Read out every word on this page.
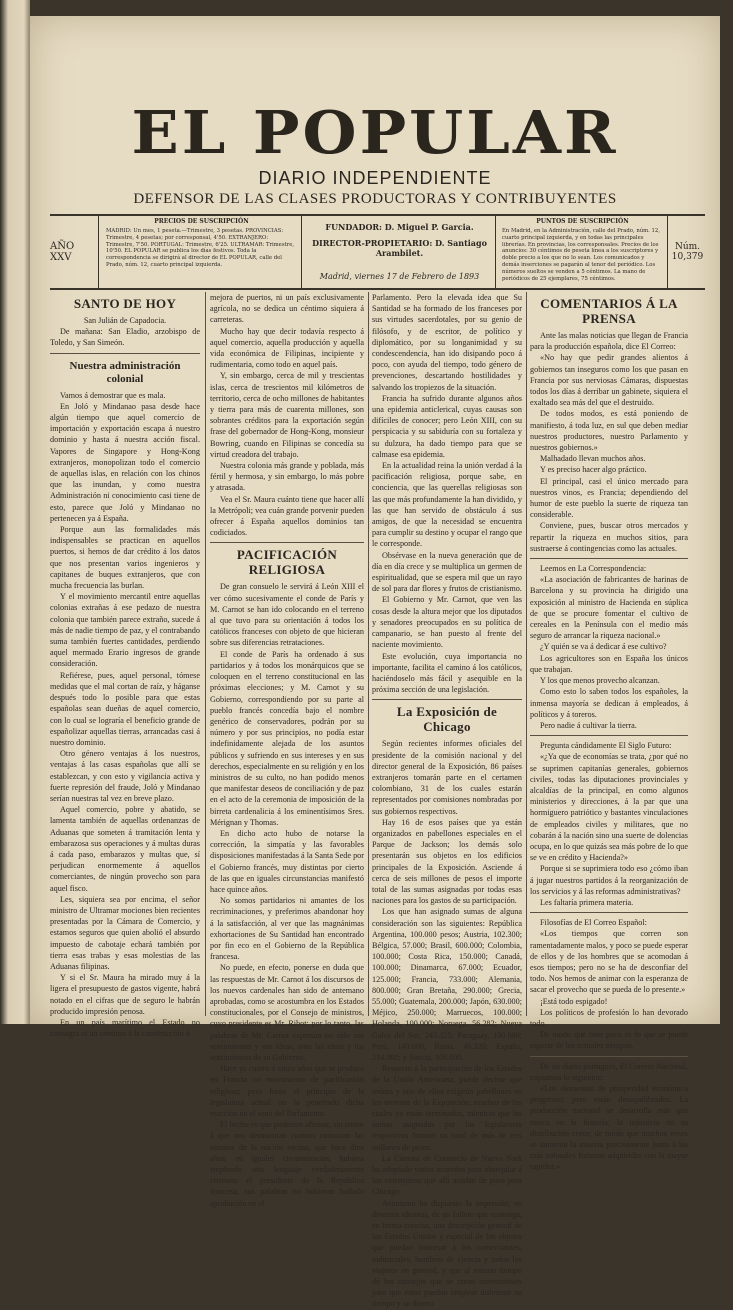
EL POPULAR
DIARIO INDEPENDIENTE
DEFENSOR DE LAS CLASES PRODUCTORAS Y CONTRIBUYENTES
AÑO XXV
PRECIOS DE SUSCRIPCIÓN
MADRID: Un mes, 1 peseta.—Trimestre, 3 pesetas. PROVINCIAS: Trimestre, 4 pesetas; por corresponsal, 4'50. EXTRANJERO: Trimestre, 7'50. PORTUGAL: Trimestre, 6'25. ULTRAMAR: Trimestre, 10'50. EL POPULAR se publica los días festivos. Toda la correspondencia se dirigirá al director de EL POPULAR, calle del Prado, núm. 12, cuarto principal izquierda.
FUNDADOR: D. Miguel P. Garcia.
DIRECTOR-PROPIETARIO: D. Santiago Arambilet.
Madrid, viernes 17 de Febrero de 1893
PUNTOS DE SUSCRIPCIÓN
En Madrid, en la Administración, calle del Prado, núm. 12, cuarto principal izquierda, y en todas las principales librerías. En provincias, los corresponsales. Precios de los anuncios: 30 céntimos de peseta línea a los suscriptores y doble precio a los que no lo sean. Los comunicados y demás inserciones se pagarán al tenor del periódico. Los números sueltos se venden a 5 céntimos. La mano de periódicos de 25 ejemplares, 75 céntimos.
Núm. 10,379
SANTO DE HOY

San Julián de Capadocia.

De mañana: San Eladio, arzobispo de Toledo, y San Simeón.

Nuestra administración colonial

Vamos á demostrar que es mala.

En Joló y Mindanao pasa desde hace algún tiempo que aquel comercio de importación y exportación escapa á nuestro dominio y hasta á nuestra acción fiscal. Vapores de Singapore y Hong-Kong extranjeros, monopolizan todo el comercio de aquellas islas, en relación con los chinos que las inundan, y como nuestra Administración ni conocimiento casi tiene de esto, parece que Joló y Mindanao no pertenecen ya á España.

Porque aun las formalidades más indispensables se practican en aquellos puertos, si hemos de dar crédito á los datos que nos presentan varios ingenieros y capitanes de buques extranjeros, que con mucha frecuencia las burlan.

Y el movimiento mercantil entre aquellas colonias extrañas á ese pedazo de nuestra colonia que también parece extraño, sucede á más de nadie tiempo de paz, y el contrabando suma también fuertes cantidades, perdiendo aquel mermado Erario ingresos de grande consideración.

Refiérese, pues, aquel personal, tómese medidas que el mal cortan de raíz, y háganse después todo lo posible para que estas españolas sean dueñas de aquel comercio, con lo cual se lograría el beneficio grande de españolizar aquellas tierras, arrancadas casi á nuestro dominio.

Otro género ventajas á los nuestros, ventajas á las casas españolas que allí se establezcan, y con esto y vigilancia activa y fuerte represión del fraude, Joló y Mindanao serían nuestras tal vez en breve plazo.

Aquel comercio, pobre y abatido, se lamenta también de aquellas ordenanzas de Aduanas que someten á tramitación lenta y embarazosa sus operaciones y á multas duras á cada paso, embarazos y multas que, sí perjudican enormemente á aquellos comerciantes, de ningún provecho son para aquel fisco.

Les, siquiera sea por encima, el señor ministro de Ultramar mociones bien recientes presentadas por la Cámara de Comercio, y estamos seguros que quien abolió el absurdo impuesto de cabotaje echará también por tierra esas trabas y esas molestias de las Aduanas filipinas.

Y si el Sr. Maura ha mirado muy á la ligera el presupuesto de gastos vigente, habrá notado en el cifras que de seguro le habrán producido impresión penosa.

En un país marítimo el Estado no consagra ni un céntimo á la construcción ó

mejora de puertos, ni un país exclusivamente agrícola, no se dedica un céntimo siquiera á carreteras.

Mucho hay que decir todavía respecto á aquel comercio, aquella producción y aquella vida económica de Filipinas, incipiente y rudimentaria, como todo en aquel país.

Y, sin embargo, cerca de mil y trescientas islas, cerca de trescientos mil kilómetros de territorio, cerca de ocho millones de habitantes y tierra para más de cuarenta millones, son sobrantes créditos para la exportación según frase del gobernador de Hong-Kong, monsieur Bowring, cuando en Filipinas se concedía su virtud creadora del trabajo.

Nuestra colonia más grande y poblada, más fértil y hermosa, y sin embargo, lo más pobre y atrasada.

Vea el Sr. Maura cuánto tiene que hacer allí la Metrópoli; vea cuán grande porvenir pueden ofrecer á España aquellos dominios tan codiciados.

PACIFICACIÓN RELIGIOSA

De gran consuelo le servirá á León XIII el ver cómo sucesivamente el conde de París y M. Carnot se han ido colocando en el terreno al que tuvo para su orientación á todos los católicos franceses con objeto de que hicieran sobre sus diferencias retrataciones.

El conde de París ha ordenado á sus partidarios y á todos los monárquicos que se coloquen en el terreno constitucional en las próximas elecciones; y M. Carnot y su Gobierno, correspondiendo por su parte al pueblo francés concedía bajo el nombre genérico de conservadores, podrán por su número y por sus principios, no podía estar indefinidamente alejada de los asuntos públicos y sufriendo en sus intereses y en sus derechos, especialmente en su religión y en los ministros de su culto, no han podido menos que manifestar deseos de conciliación y de paz en el acto de la ceremonia de imposición de la birreta cardenalicia á los eminentísimos Sres. Mérignan y Thomas.

En dicho acto hubo de notarse la corrección, la simpatía y las favorables disposiciones manifestadas á la Santa Sede por el Gobierno francés, muy distintas por cierto de las que en iguales circunstancias manifestó hace quince años.

No somos partidarios ni amantes de los recriminaciones, y preferimos abandonar hoy á la satisfacción, al ver que las magnánimas exhortaciones de Su Santidad han encontrado por fin eco en el Gobierno de la República francesa.

No puede, en efecto, ponerse en duda que las respuestas de Mr. Carnot á los discursos de los nuevos cardenales han sido de antemano aprobadas, como se acostumbra en los Estados constitucionales, por el Consejo de ministros, cuyo presidente es Mr. Ribot; por lo tanto, las palabras de Mr. Carnot expresan no sólo sus sentimientos y sus ideas, sino las ideas y los sentimientos de su Gobierno.

Hace ya cuatro ó cinco años que se produce en Francia un movimiento de pacificación religiosa; pero hasta el principio de la legislatura actual no la penetrado dicha reacción en el seno del Parlamento.

El hecho es que podemos afirmar, sin temor á que nos desmientan cuantos conozcan las asuntos de la nación vecina, que hace diez años, en iguales circunstancias, hubiera empleado una lenguaje verdaderamente cristiano el presidente de la República francesa, sus palabras no hubieran hallado aprobación en el

Parlamento. Pero la elevada idea que Su Santidad se ha formado de los franceses por sus virtudes sacerdotales, por su genio de filósofo, y de escritor, de político y diplomático, por su longanimidad y su condescendencia, han ido disipando poco á poco, con ayuda del tiempo, todo género de prevenciones, descartando hostilidades y salvando los tropiezos de la situación.

Francia ha sufrido durante algunos años una epidemia anticlerical, cuyas causas son difíciles de conocer; pero León XIII, con su perspicacia y su sabiduría con su fortaleza y su dulzura, ha dado tiempo para que se calmase esa epidemia.

En la actualidad reina la unión verdad á la pacificación religiosa, porque sabe, en conciencia, que las querellas religiosas son las que más profundamente la han dividido, y las que han servido de obstáculo á sus amigos, de que la necesidad se encuentra para cumplir su destino y ocupar el rango que le corresponde.

Obsérvase en la nueva generación que de día en día crece y se multiplica un germen de espiritualidad, que se espera mil que un rayo de sol para dar flores y frutos de cristianismo.

El Gobierno y Mr. Carnot, que ven las cosas desde la altura mejor que los diputados y senadores preocupados en su política de campanario, se han puesto al frente del naciente movimiento.

Este evolución, cuya importancia no importante, facilita el camino á los católicos, haciéndoselo más fácil y asequible en la próxima sección de una legislación.

La Exposición de Chicago

Según recientes informes oficiales del presidente de la comisión nacional y del director general de la Exposición, 86 países extranjeros tomarán parte en el certamen colombiano, 31 de los cuales estarán representados por comisiones nombradas por sus gobiernos respectivos.

Hay 16 de esos países que ya están organizados en pabellones especiales en el Parque de Jackson; los demás solo presentarán sus objetos en los edificios principales de la Exposición. Asciende á cerca de seis millones de pesos el importe total de las sumas asignadas por todas esas naciones para los gastos de su participación.

Los que han asignado sumas de alguna consideración son las siguientes: República Argentina, 100.000 pesos; Austria, 102.300; Bélgica, 57.000; Brasil, 600.000; Colombia, 100.000; Costa Rica, 150.000; Canadá, 100.000; Dinamarca, 67.000; Ecuador, 125.000; Francia, 733.000; Alemania, 800.000; Gran Bretaña, 290.000; Grecia, 55.000; Guatemala, 200.000; Japón, 630.000; Méjico, 250.000; Marruecos, 100.000; Holanda, 100.000; Noruega, 56.282; Nueva Gales del Sur, 243.325; Paraguay, 100.000; Perú, 140.000; Rusia, 46.320; España, 214.000; y Suecia, 108.000.

Respecto á la participación de los Estados de la Unión Americana, puede decirse que treinta y uno de ellos exigirán pabellones en los terrenos de la Exposición, muchos de los cuales ya están terminados, mientras que las sumas asignadas por las legislaturas respectivas forman un total de más de tres millones de pesos.

La Cámara de Comercio de Nueva York ha adoptado varios acuerdos para obsequiar á los extranjeros que allí acudan de paso para Chicago.

Asimismo ha dispuesto la impresión, en diversos idiomas, de un folleto que contenga, en forma concisa, una descripción general de los Estados Unidos y especial de los objetos que puedan interesar á los comerciantes, industriales, hombres de ciencia y todos los viajeros en general, y que al mismo tiempo dé los consejos que se crean convenientes para que éstos puedan emplear útilmente su tiempo y su dinero.

COMENTARIOS Á LA PRENSA

Ante las malas noticias que llegan de Francia para la producción española, dice El Correo:

«No hay que pedir grandes alientos á gobiernos tan inseguros como los que pasan en Francia por sus nerviosas Cámaras, dispuestas todos los días á derribar un gabinete, siquiera el exaltado sea más del que el destruido.

De todos modos, es está poniendo de manifiesto, á toda luz, en sul que deben mediar nuestros productores, nuestro Parlamento y nuestros gobiernos.»

Malhadado llevan muchos años.

Y es preciso hacer algo práctico.

El principal, casi el único mercado para nuestros vinos, es Francia; dependiendo del humor de este pueblo la suerte de riqueza tan considerable.

Conviene, pues, buscar otros mercados y repartir la riqueza en muchos sitios, para sustraerse á contingencias como las actuales.

Leemos en La Correspondencia:

«La asociación de fabricantes de harinas de Barcelona y su provincia ha dirigido una exposición al ministro de Hacienda en súplica de que se procure fomentar el cultivo de cereales en la Península con el medio más seguro de arrancar la riqueza nacional.»

¿Y quién se va á dedicar á ese cultivo?

Los agricultores son en España los únicos que trabajan.

Y los que menos provecho alcanzan.

Como esto lo saben todos los españoles, la inmensa mayoría se dedican á empleados, á políticos y á toreros.

Pero nadie á cultivar la tierra.

Pregunta cándidamente El Siglo Futuro:

«¿Ya que de economías se trata, ¿por qué no se suprimen capitanías generales, gobiernos civiles, todas las diputaciones provinciales y alcaldías de la principal, en como algunos ministerios y direcciones, á la par que una hormiguero patriótico y bastantes vinculaciones de empleados civiles y militares, que no cobarán á la nación sino una suerte de dolencias ocupa, en lo que quizás sea más pobre de lo que se ve en crédito y Hacienda?»

Porque si se suprimiera todo eso ¿cómo iban á jugar nuestros partidos á la reorganización de los servicios y á las reformas administrativas?

Les faltaría primera materia.

Filosofías de El Correo Español:

«Los tiempos que corren son ramentadamente malos, y poco se puede esperar de ellos y de los hombres que se acomodan á esos tiempos; pero no se ha de desconfiar del todo. Nos hemos de animar con la esperanza de sacar el provecho que se pueda de lo presente.»

¡Está todo espigado!

Los políticos de profesión lo han devorado todo.

De modo que bien poco es lo que se puede esperar de los actuales tiempos.

De un diario portugués, El Correio Nacional, copiamos lo siguiente:

«Los elementos de prosperidad económica progresan; pero están desequilibrados. La producción nacional se desarrolla más que nunca en la historia; la injusticia en su distribución crece; de modo que muchos veces se aumenta la miseria precisamente junto á las más colosales fortunas adquiridas con la mayor rapidez.»
